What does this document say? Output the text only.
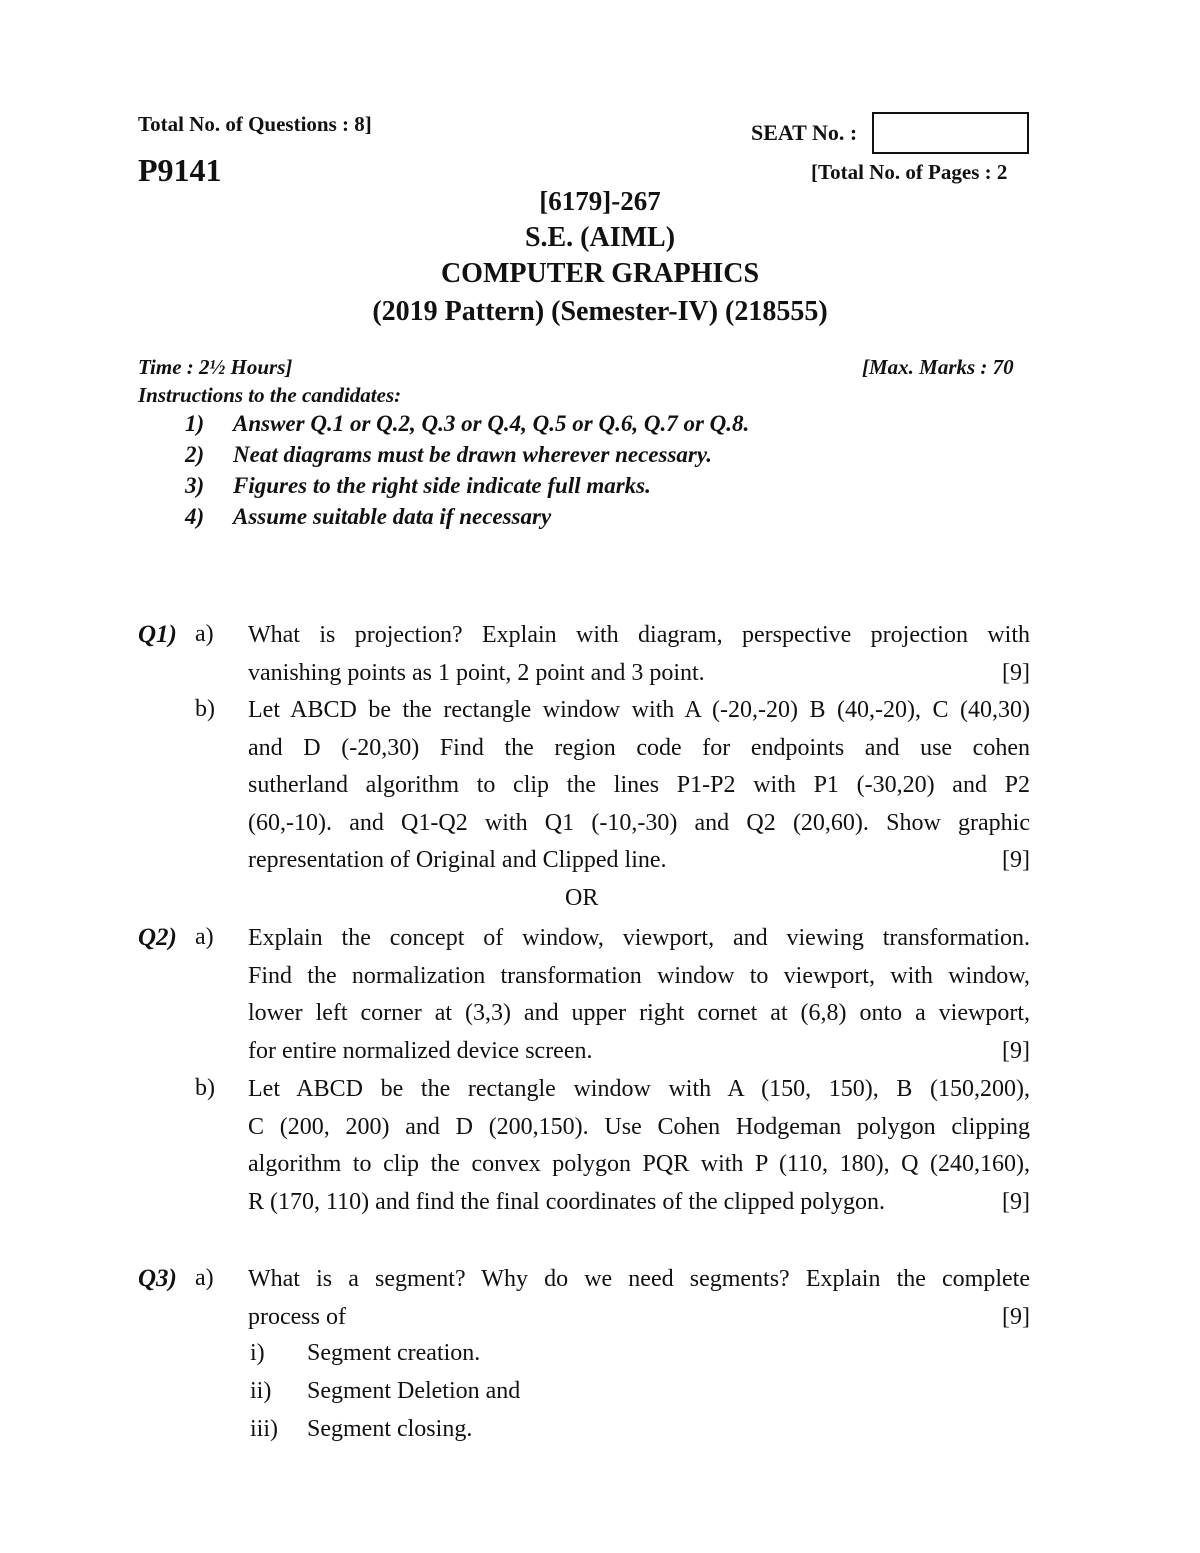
Total No. of Questions : 8]	SEAT No. :
P9141	[Total No. of Pages : 2
[6179]-267
S.E. (AIML)
COMPUTER GRAPHICS
(2019 Pattern) (Semester-IV) (218555)
Time : 2½ Hours]	[Max. Marks : 70
Instructions to the candidates:
1) Answer Q.1 or Q.2, Q.3 or Q.4, Q.5 or Q.6, Q.7 or Q.8.
2) Neat diagrams must be drawn wherever necessary.
3) Figures to the right side indicate full marks.
4) Assume suitable data if necessary
Q1) a) What is projection? Explain with diagram, perspective projection with
[9]
vanishing points as 1 point, 2 point and 3 point.
b) Let ABCD be the rectangle window with A (-20,-20) B (40,-20), C (40,30)
and D (-20,30) Find the region code for endpoints and use cohen
sutherland algorithm to clip the lines P1-P2 with P1 (-30,20) and P2
(60,-10). and Q1-Q2 with Q1 (-10,-30) and Q2 (20,60). Show graphic
[9]
representation of Original and Clipped line.
OR
Q2) a) Explain the concept of window, viewport, and viewing transformation.
Find the normalization transformation window to viewport, with window,
lower left corner at (3,3) and upper right cornet at (6,8) onto a viewport,
[9]
for entire normalized device screen.
b) Let ABCD be the rectangle window with A (150, 150), B (150,200),
C (200, 200) and D (200,150). Use Cohen Hodgeman polygon clipping
algorithm to clip the convex polygon PQR with P (110, 180), Q (240,160),
[9]
R (170, 110) and find the final coordinates of the clipped polygon.
Q3) a) What is a segment? Why do we need segments? Explain the complete
[9]
process of
i) Segment creation.
ii) Segment Deletion and
iii) Segment closing.
